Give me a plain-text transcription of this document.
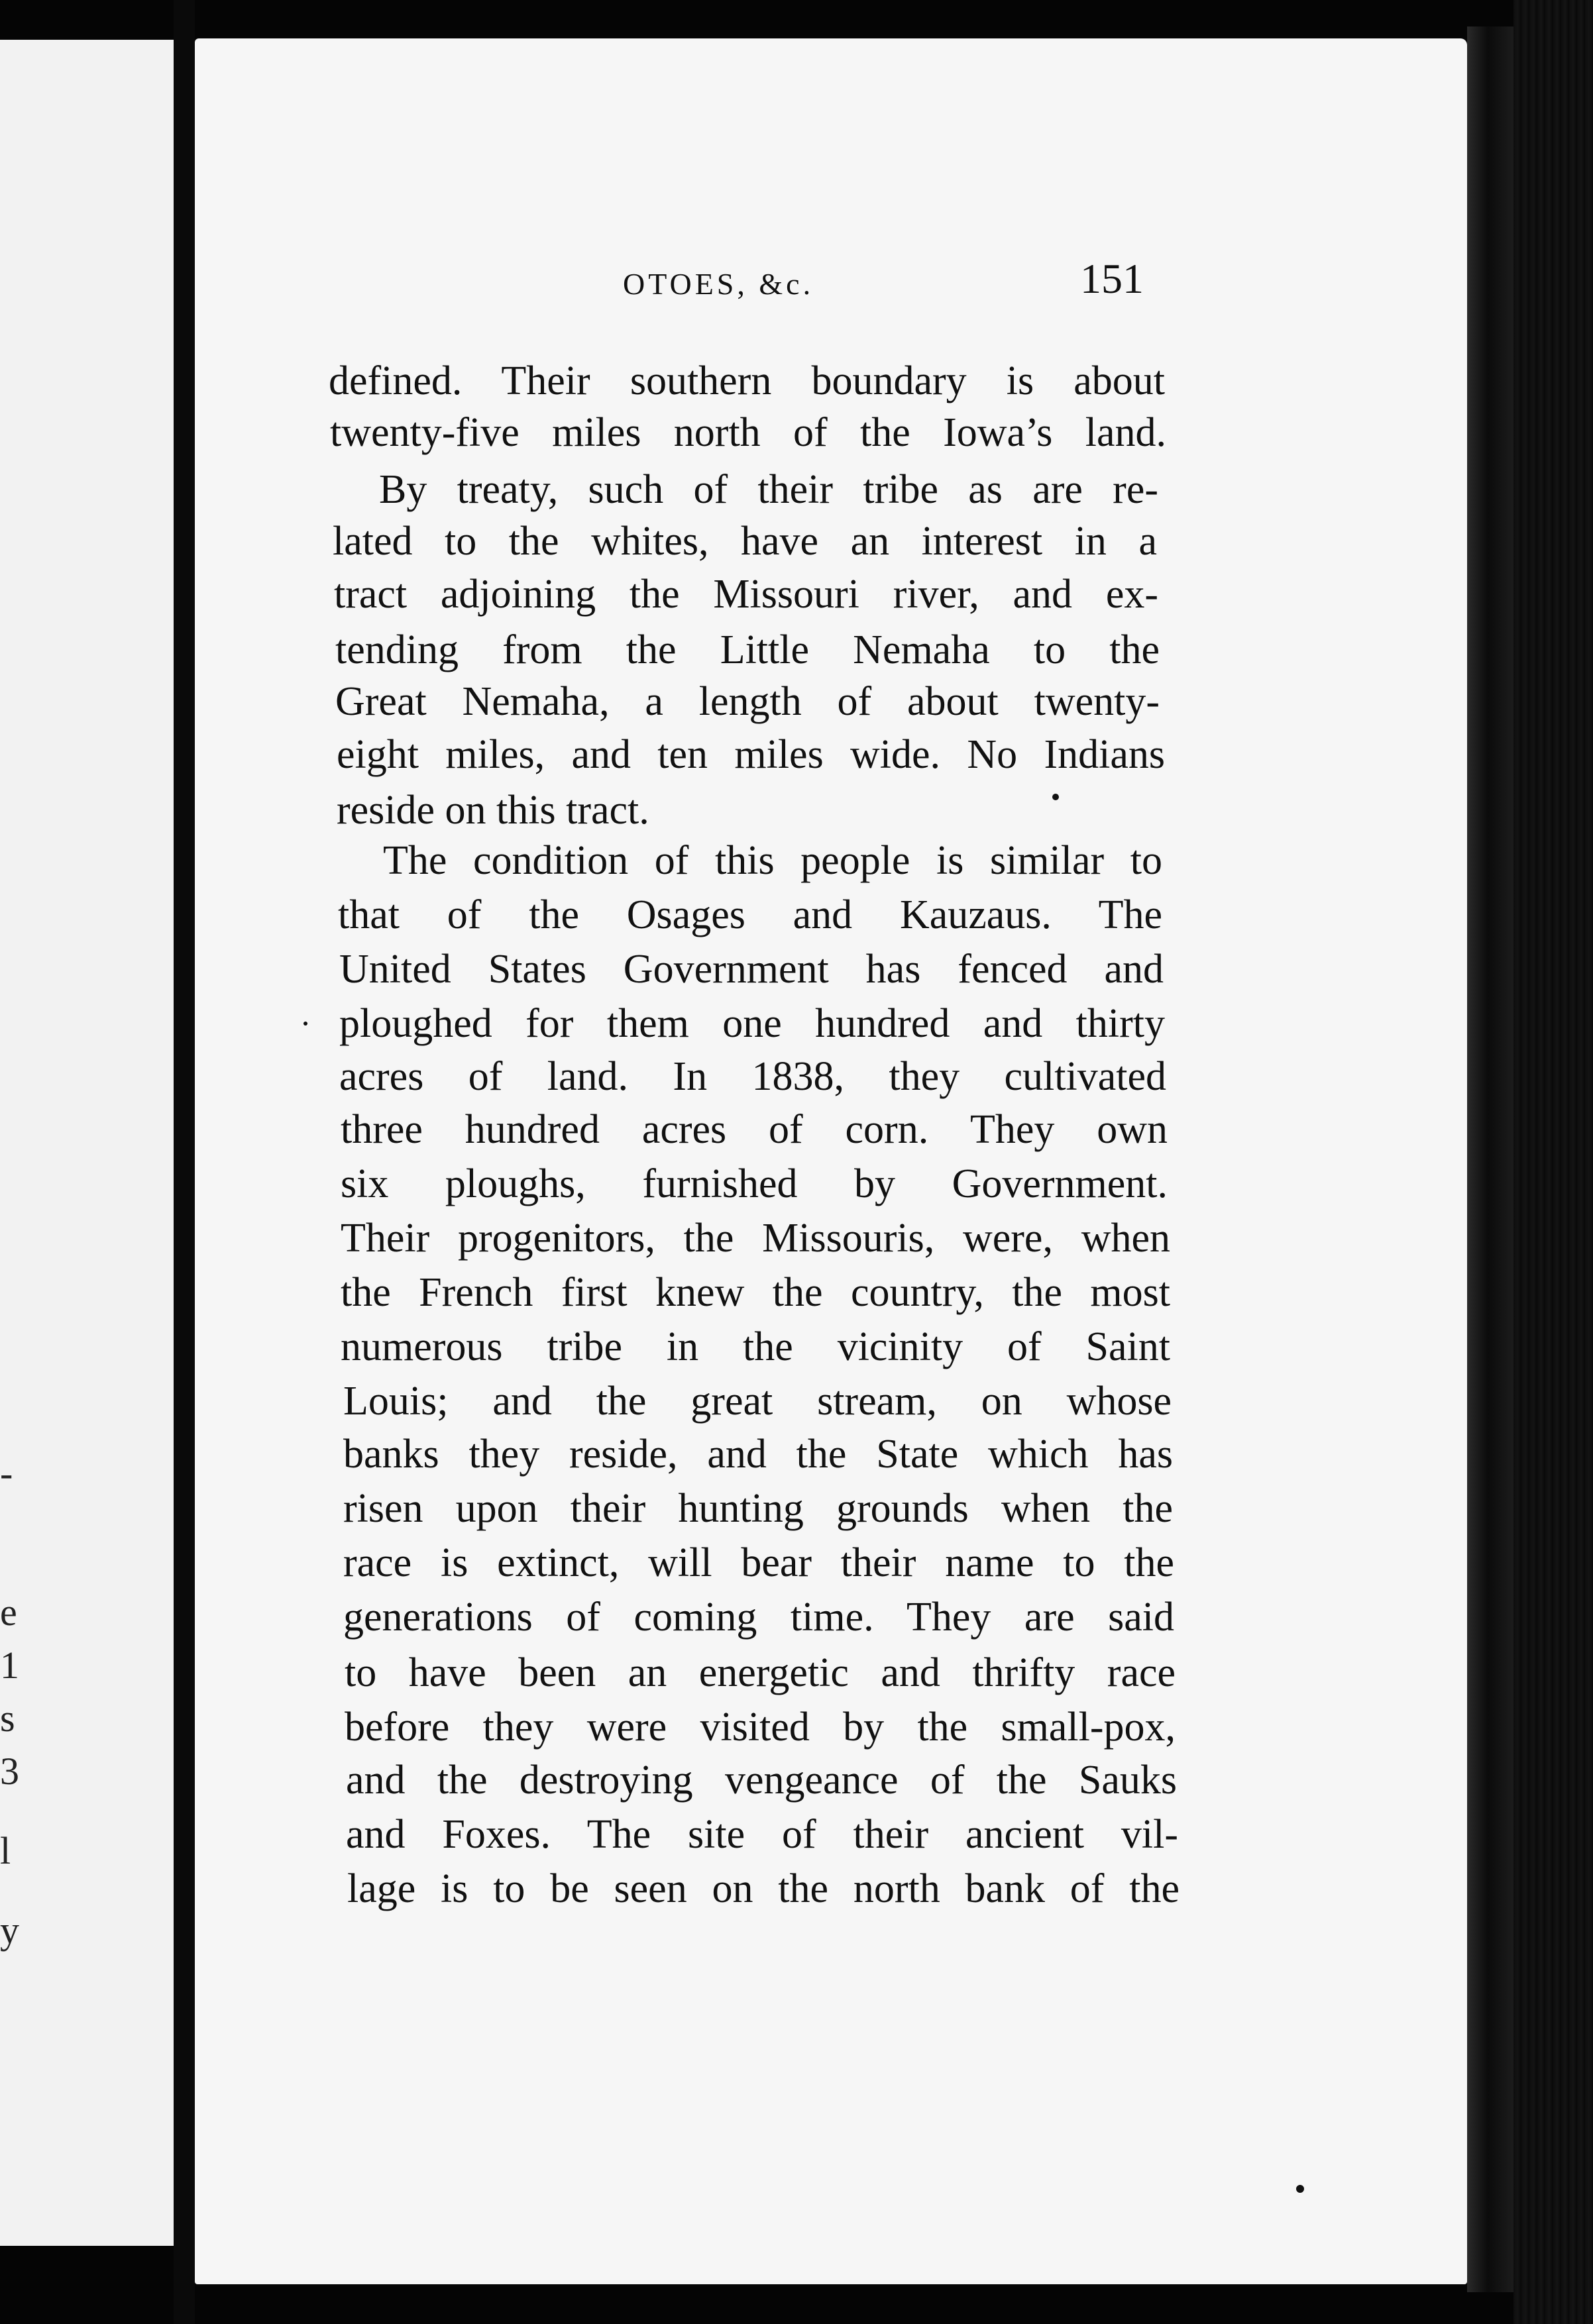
-
e
1
s
3
l
y
OTOES, &c.	151
defined. Their southern boundary is about
twenty-five miles north of the Iowa’s land.
By treaty, such of their tribe as are re-
lated to the whites, have an interest in a
tract adjoining the Missouri river, and ex-
tending from the Little Nemaha to the
Great Nemaha, a length of about twenty-
eight miles, and ten miles wide. No Indians
reside on this tract.
The condition of this people is similar to
that of the Osages and Kauzaus. The
United States Government has fenced and
ploughed for them one hundred and thirty
acres of land. In 1838, they cultivated
three hundred acres of corn. They own
six ploughs, furnished by Government.
Their progenitors, the Missouris, were, when
the French first knew the country, the most
numerous tribe in the vicinity of Saint
Louis; and the great stream, on whose
banks they reside, and the State which has
risen upon their hunting grounds when the
race is extinct, will bear their name to the
generations of coming time. They are said
to have been an energetic and thrifty race
before they were visited by the small-pox,
and the destroying vengeance of the Sauks
and Foxes. The site of their ancient vil-
lage is to be seen on the north bank of the
